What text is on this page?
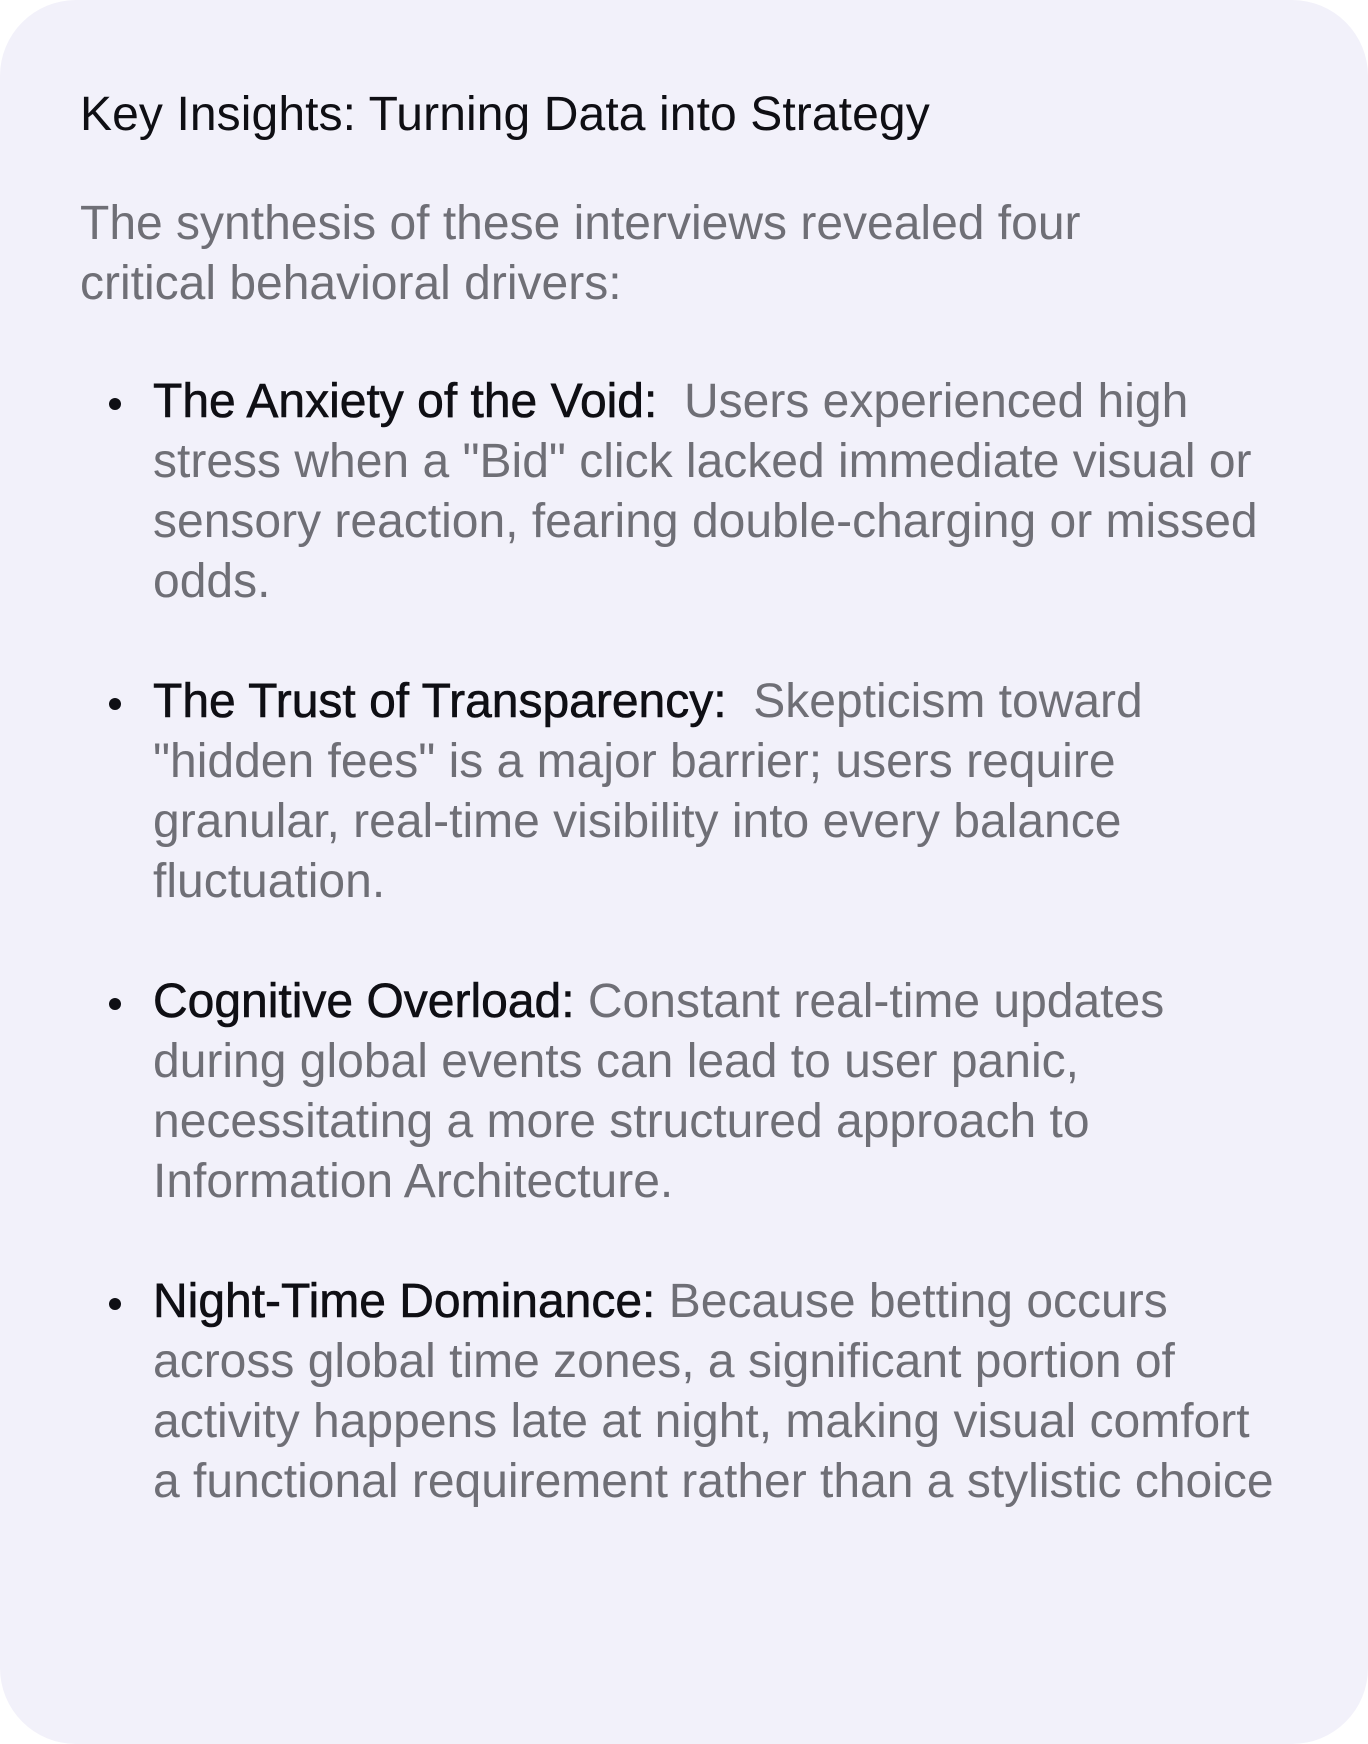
Key Insights: Turning Data into Strategy

The synthesis of these interviews revealed four critical behavioral drivers:

The Anxiety of the Void: Users experienced high stress when a "Bid" click lacked immediate visual or sensory reaction, fearing double-charging or missed odds.
The Trust of Transparency: Skepticism toward "hidden fees" is a major barrier; users require granular, real-time visibility into every balance fluctuation.
Cognitive Overload: Constant real-time updates during global events can lead to user panic, necessitating a more structured approach to Information Architecture.
Night-Time Dominance: Because betting occurs across global time zones, a significant portion of activity happens late at night, making visual comfort a functional requirement rather than a stylistic choice
